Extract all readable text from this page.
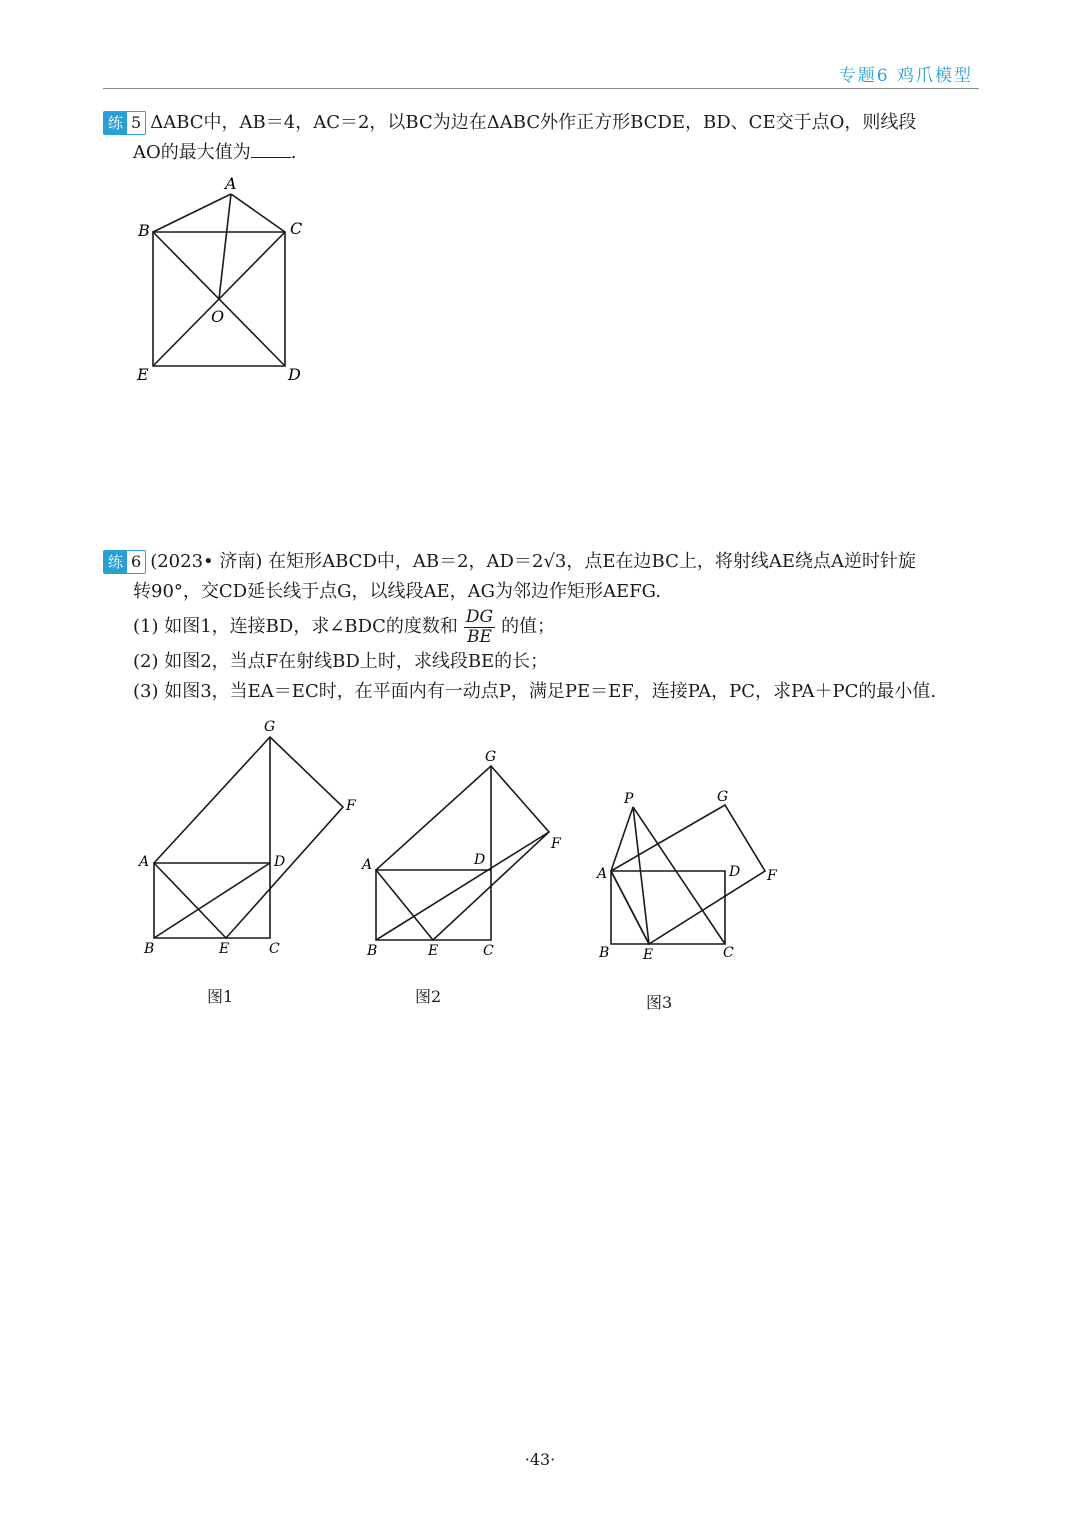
专题6 鸡爪模型
练 5 ΔABC中，AB＝4，AC＝2，以BC为边在ΔABC外作正方形BCDE，BD、CE交于点O，则线段
AO的最大值为 .
A
B	C
D
E
O
练 6 (2023• 济南) 在矩形ABCD中，AB＝2，AD＝2√3，点E在边BC上，将射线AE绕点A逆时针旋
转90°，交CD延长线于点G，以线段AE，AG为邻边作矩形AEFG.
(1) 如图1，连接BD，求∠BDC的度数和 $\frac{DG}{BE}$ 的值；
(2) 如图2，当点F在射线BD上时，求线段BE的长；
(3) 如图3，当EA＝EC时，在平面内有一动点P，满足PE＝EF，连接PA，PC，求PA＋PC的最小值.
A
B	C
D
E
F
G
图1
A
B	C
D
E
F
G
图2
P	G
A	D F
B E	C
图3
·43·
